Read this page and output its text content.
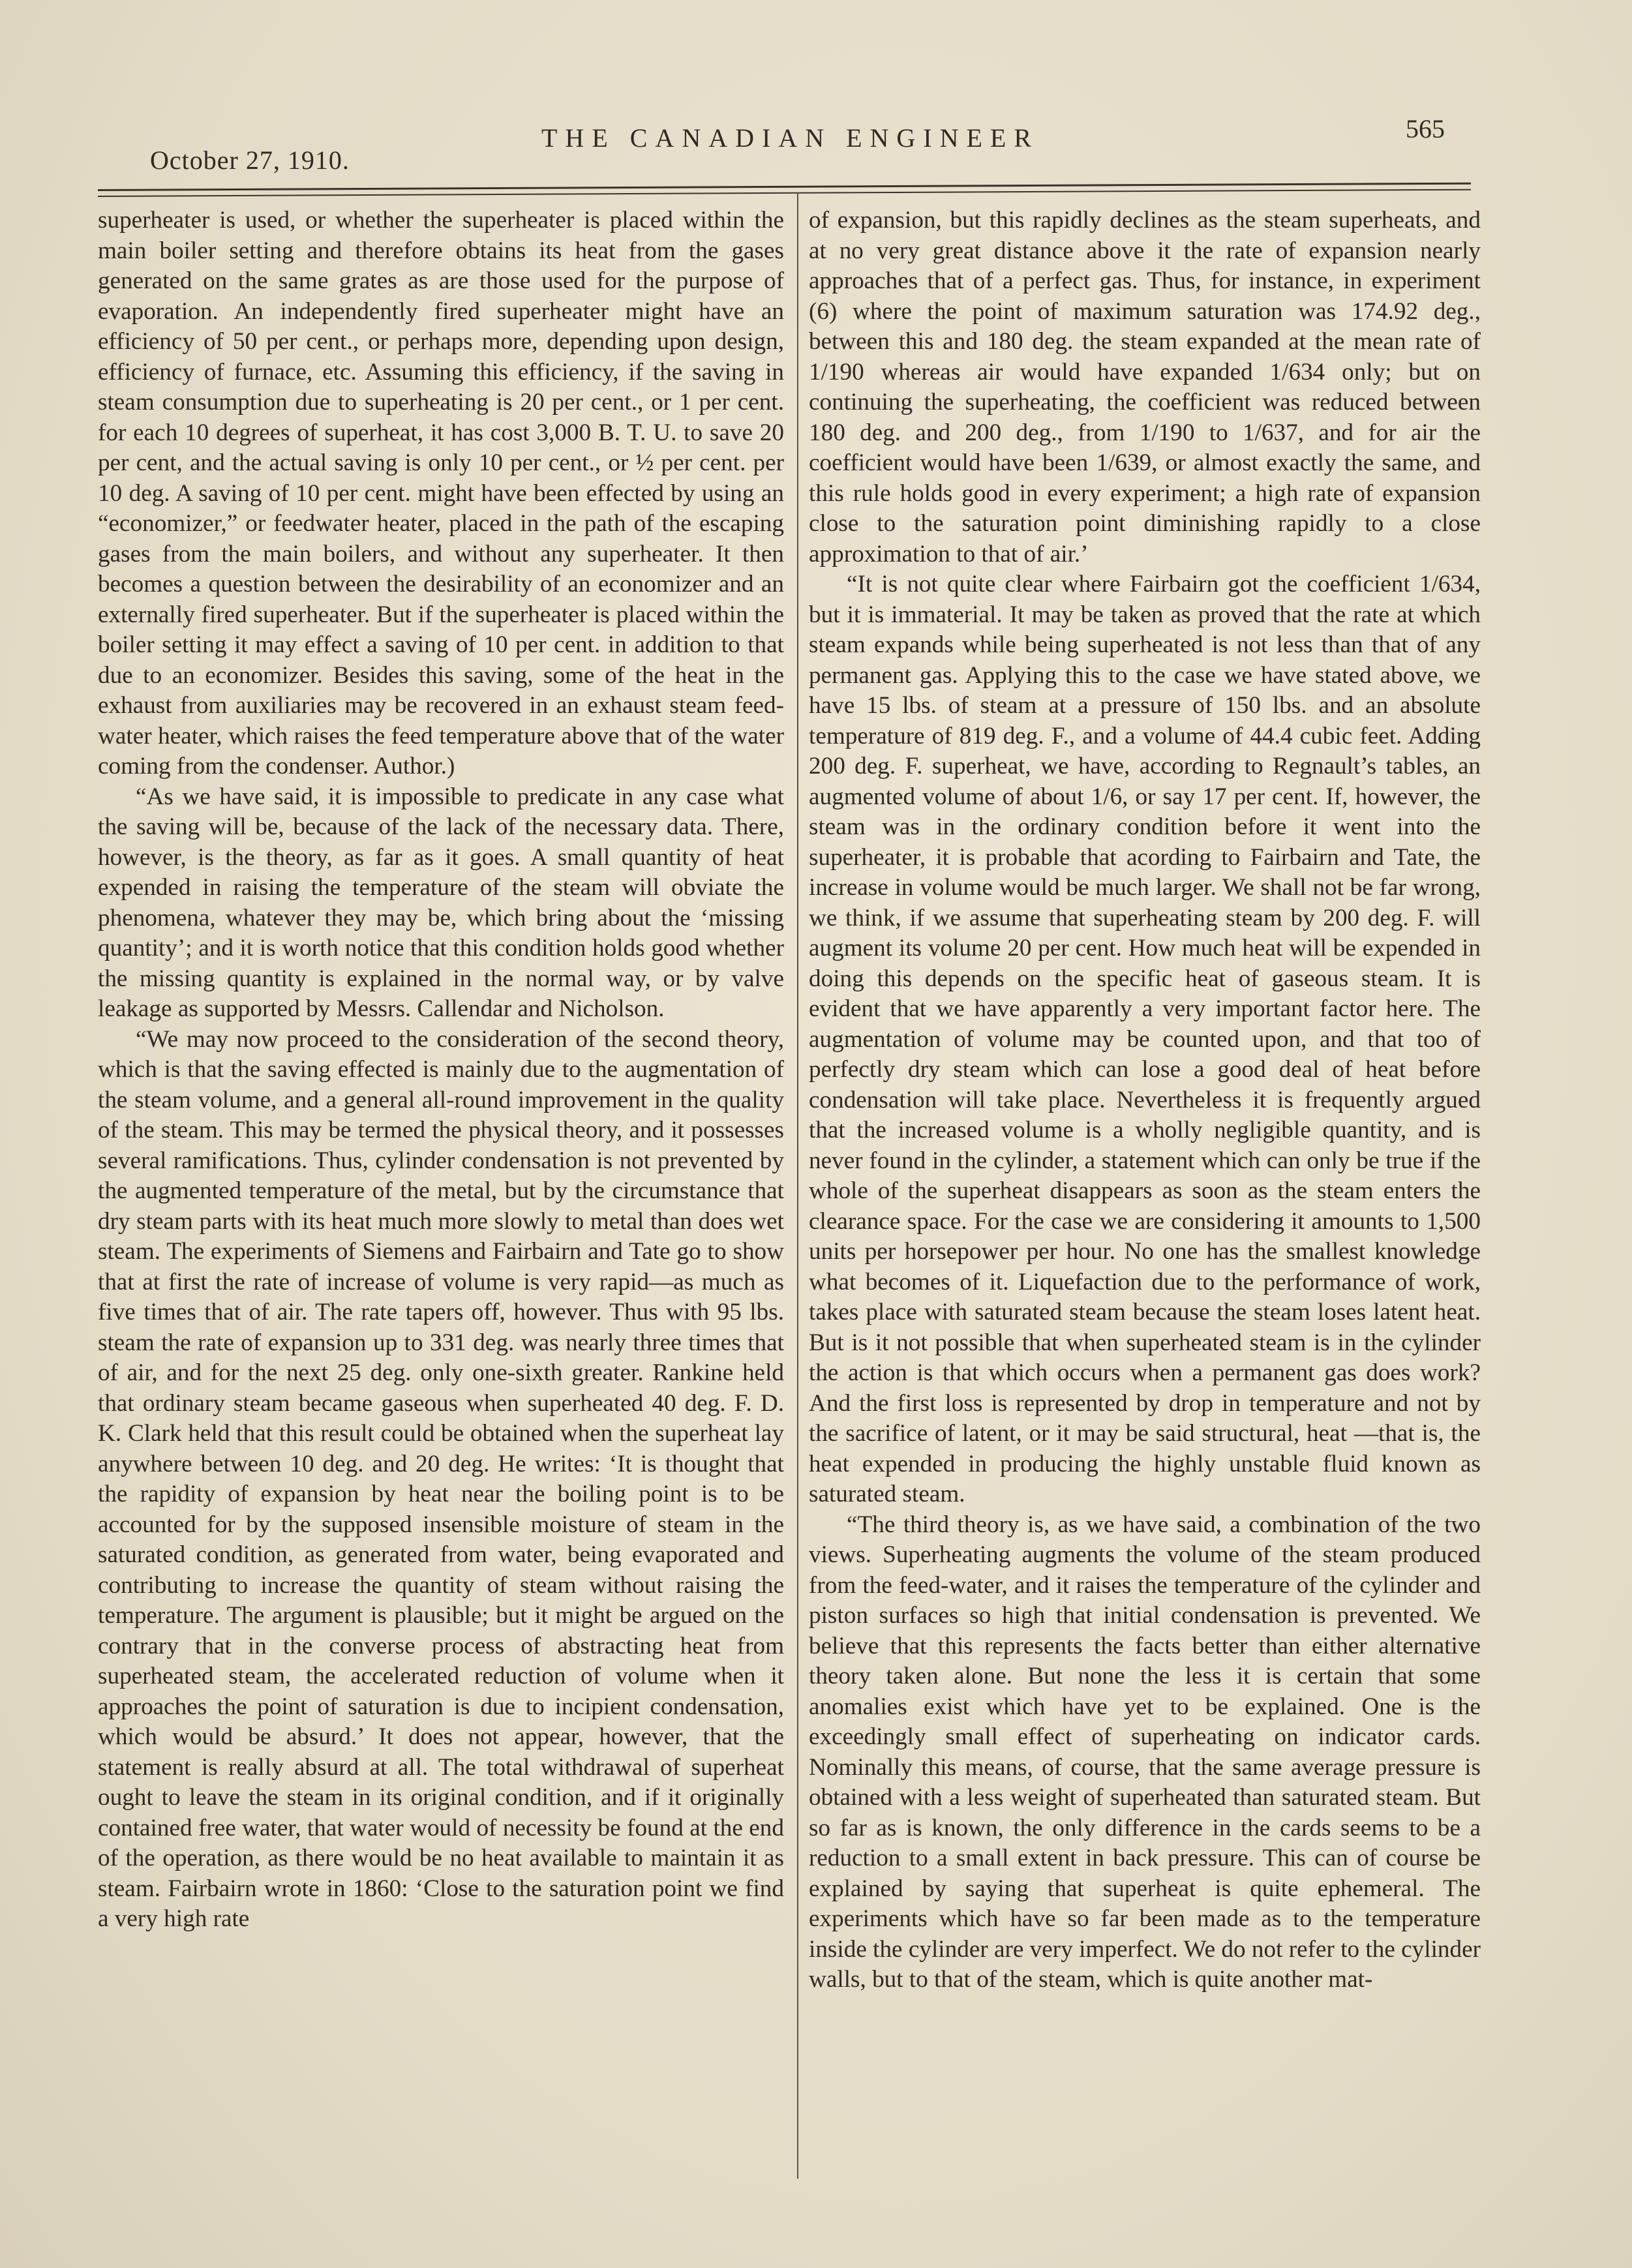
October 27, 1910.
THE CANADIAN ENGINEER	565

superheater is used, or whether the superheater is placed within the main boiler setting and therefore obtains its heat from the gases generated on the same grates as are those used for the purpose of evaporation. An independently fired superheater might have an efficiency of 50 per cent., or perhaps more, depending upon design, efficiency of furnace, etc. Assuming this efficiency, if the saving in steam consumption due to superheating is 20 per cent., or 1 per cent. for each 10 degrees of superheat, it has cost 3,000 B. T. U. to save 20 per cent, and the actual saving is only 10 per cent., or ½ per cent. per 10 deg. A saving of 10 per cent. might have been effected by using an “economizer,” or feedwater heater, placed in the path of the escaping gases from the main boilers, and without any superheater. It then becomes a question between the desirability of an economizer and an externally fired superheater. But if the superheater is placed within the boiler setting it may effect a saving of 10 per cent. in addition to that due to an economizer. Besides this saving, some of the heat in the exhaust from auxiliaries may be recovered in an exhaust steam feed-water heater, which raises the feed temperature above that of the water coming from the condenser. Author.)

“As we have said, it is impossible to predicate in any case what the saving will be, because of the lack of the necessary data. There, however, is the theory, as far as it goes. A small quantity of heat expended in raising the temperature of the steam will obviate the phenomena, whatever they may be, which bring about the ‘missing quantity’; and it is worth notice that this condition holds good whether the missing quantity is explained in the normal way, or by valve leakage as supported by Messrs. Callendar and Nicholson.

“We may now proceed to the consideration of the second theory, which is that the saving effected is mainly due to the augmentation of the steam volume, and a general all-round improvement in the quality of the steam. This may be termed the physical theory, and it possesses several ramifications. Thus, cylinder condensation is not prevented by the augmented temperature of the metal, but by the circumstance that dry steam parts with its heat much more slowly to metal than does wet steam. The experiments of Siemens and Fairbairn and Tate go to show that at first the rate of increase of volume is very rapid—as much as five times that of air. The rate tapers off, however. Thus with 95 lbs. steam the rate of expansion up to 331 deg. was nearly three times that of air, and for the next 25 deg. only one-sixth greater. Rankine held that ordinary steam became gaseous when superheated 40 deg. F. D. K. Clark held that this result could be obtained when the superheat lay anywhere between 10 deg. and 20 deg. He writes: ‘It is thought that the rapidity of expansion by heat near the boiling point is to be accounted for by the supposed insensible moisture of steam in the saturated condition, as generated from water, being evaporated and contributing to increase the quantity of steam without raising the temperature. The argument is plausible; but it might be argued on the contrary that in the converse process of abstracting heat from superheated steam, the accelerated reduction of volume when it approaches the point of saturation is due to incipient condensation, which would be absurd.’ It does not appear, however, that the statement is really absurd at all. The total withdrawal of superheat ought to leave the steam in its original condition, and if it originally contained free water, that water would of necessity be found at the end of the operation, as there would be no heat available to maintain it as steam. Fairbairn wrote in 1860: ‘Close to the saturation point we find a very high rate

of expansion, but this rapidly declines as the steam superheats, and at no very great distance above it the rate of expansion nearly approaches that of a perfect gas. Thus, for instance, in experiment (6) where the point of maximum saturation was 174.92 deg., between this and 180 deg. the steam expanded at the mean rate of 1/190 whereas air would have expanded 1/634 only; but on continuing the superheating, the coefficient was reduced between 180 deg. and 200 deg., from 1/190 to 1/637, and for air the coefficient would have been 1/639, or almost exactly the same, and this rule holds good in every experiment; a high rate of expansion close to the saturation point diminishing rapidly to a close approximation to that of air.’

“It is not quite clear where Fairbairn got the coefficient 1/634, but it is immaterial. It may be taken as proved that the rate at which steam expands while being superheated is not less than that of any permanent gas. Applying this to the case we have stated above, we have 15 lbs. of steam at a pressure of 150 lbs. and an absolute temperature of 819 deg. F., and a volume of 44.4 cubic feet. Adding 200 deg. F. superheat, we have, according to Regnault’s tables, an augmented volume of about 1/6, or say 17 per cent. If, however, the steam was in the ordinary condition before it went into the superheater, it is probable that acording to Fairbairn and Tate, the increase in volume would be much larger. We shall not be far wrong, we think, if we assume that superheating steam by 200 deg. F. will augment its volume 20 per cent. How much heat will be expended in doing this depends on the specific heat of gaseous steam. It is evident that we have apparently a very important factor here. The augmentation of volume may be counted upon, and that too of perfectly dry steam which can lose a good deal of heat before condensation will take place. Nevertheless it is frequently argued that the increased volume is a wholly negligible quantity, and is never found in the cylinder, a statement which can only be true if the whole of the superheat disappears as soon as the steam enters the clearance space. For the case we are considering it amounts to 1,500 units per horsepower per hour. No one has the smallest knowledge what becomes of it. Liquefaction due to the performance of work, takes place with saturated steam because the steam loses latent heat. But is it not possible that when superheated steam is in the cylinder the action is that which occurs when a permanent gas does work? And the first loss is represented by drop in temperature and not by the sacrifice of latent, or it may be said structural, heat —that is, the heat expended in producing the highly unstable fluid known as saturated steam.

“The third theory is, as we have said, a combination of the two views. Superheating augments the volume of the steam produced from the feed-water, and it raises the temperature of the cylinder and piston surfaces so high that initial condensation is prevented. We believe that this represents the facts better than either alternative theory taken alone. But none the less it is certain that some anomalies exist which have yet to be explained. One is the exceedingly small effect of superheating on indicator cards. Nominally this means, of course, that the same average pressure is obtained with a less weight of superheated than saturated steam. But so far as is known, the only difference in the cards seems to be a reduction to a small extent in back pressure. This can of course be explained by saying that superheat is quite ephemeral. The experiments which have so far been made as to the temperature inside the cylinder are very imperfect. We do not refer to the cylinder walls, but to that of the steam, which is quite another mat-
